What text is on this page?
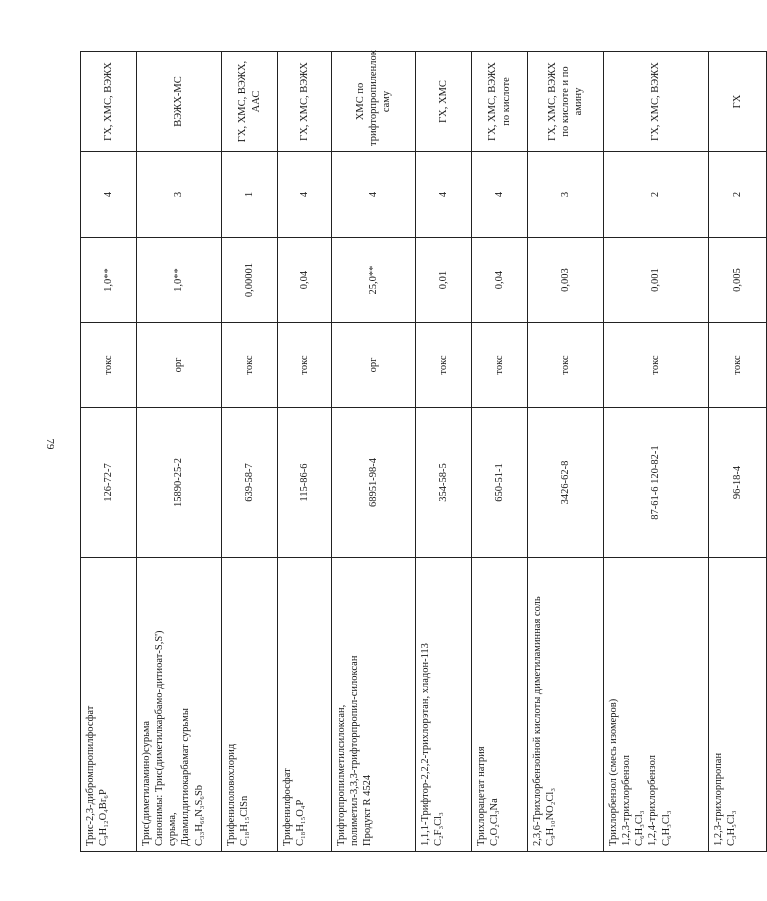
79
Трис-2,3-дибромпропилфосфат C₉H₁₂O₄Br₆P	126-72-7	токс	1,0**	4	ГХ, ХМС, ВЭЖХ

Трис(диметиламино)сурьма Синонимы: Трис(диметилкарбамо-дитиоат-S,S') сурьма, Диамилдитиокарбамат сурьмы C₃₃H₆₆N₃S₆Sb	15890-25-2	орг	1,0**	3	ВЭЖХ-МС

Трифенилоловохлорид C₁₈H₁₅ClSn	639-58-7	токс	0,00001	1	ГХ, ХМС, ВЭЖХ, ААС

Трифенилфосфат C₁₈H₁₅O₄P	115-86-6	токс	0,04	4	ГХ, ХМС, ВЭЖХ

Трифторпропилметилсилоксан, полиметил-3,3,3-трифторпропил-силоксан Продукт R 4524	68951-98-4	орг	25,0**	4	ХМС по трифторпропиленлок саму

1,1,1-Трифтор-2,2,2-трихлорэтан, хладон-113 C₂F₃Cl₃	354-58-5	токс	0,01	4	ГХ, ХМС

Трихлорацетат натрия C₂O₂Cl₃Na	650-51-1	токс	0,04	4	ГХ, ХМС, ВЭЖХ по кислоте

2,3,6-Трихлорбензойной кислоты диметиламинная соль C₉H₁₀NO₂Cl₃	3426-62-8	токс	0,003	3	ГХ, ХМС, ВЭЖХ по кислоте и по амину

Трихлорбензол (смесь изомеров) 1,2,3-трихлорбензол C₆H₃Cl₃ 1,2,4-трихлорбензол C₆H₃Cl₃	87-61-6 120-82-1	токс	0,001	2	ГХ, ХМС, ВЭЖХ

1,2,3-трихлорпропан C₃H₅Cl₃	96-18-4	токс	0,005	2	ГХ
